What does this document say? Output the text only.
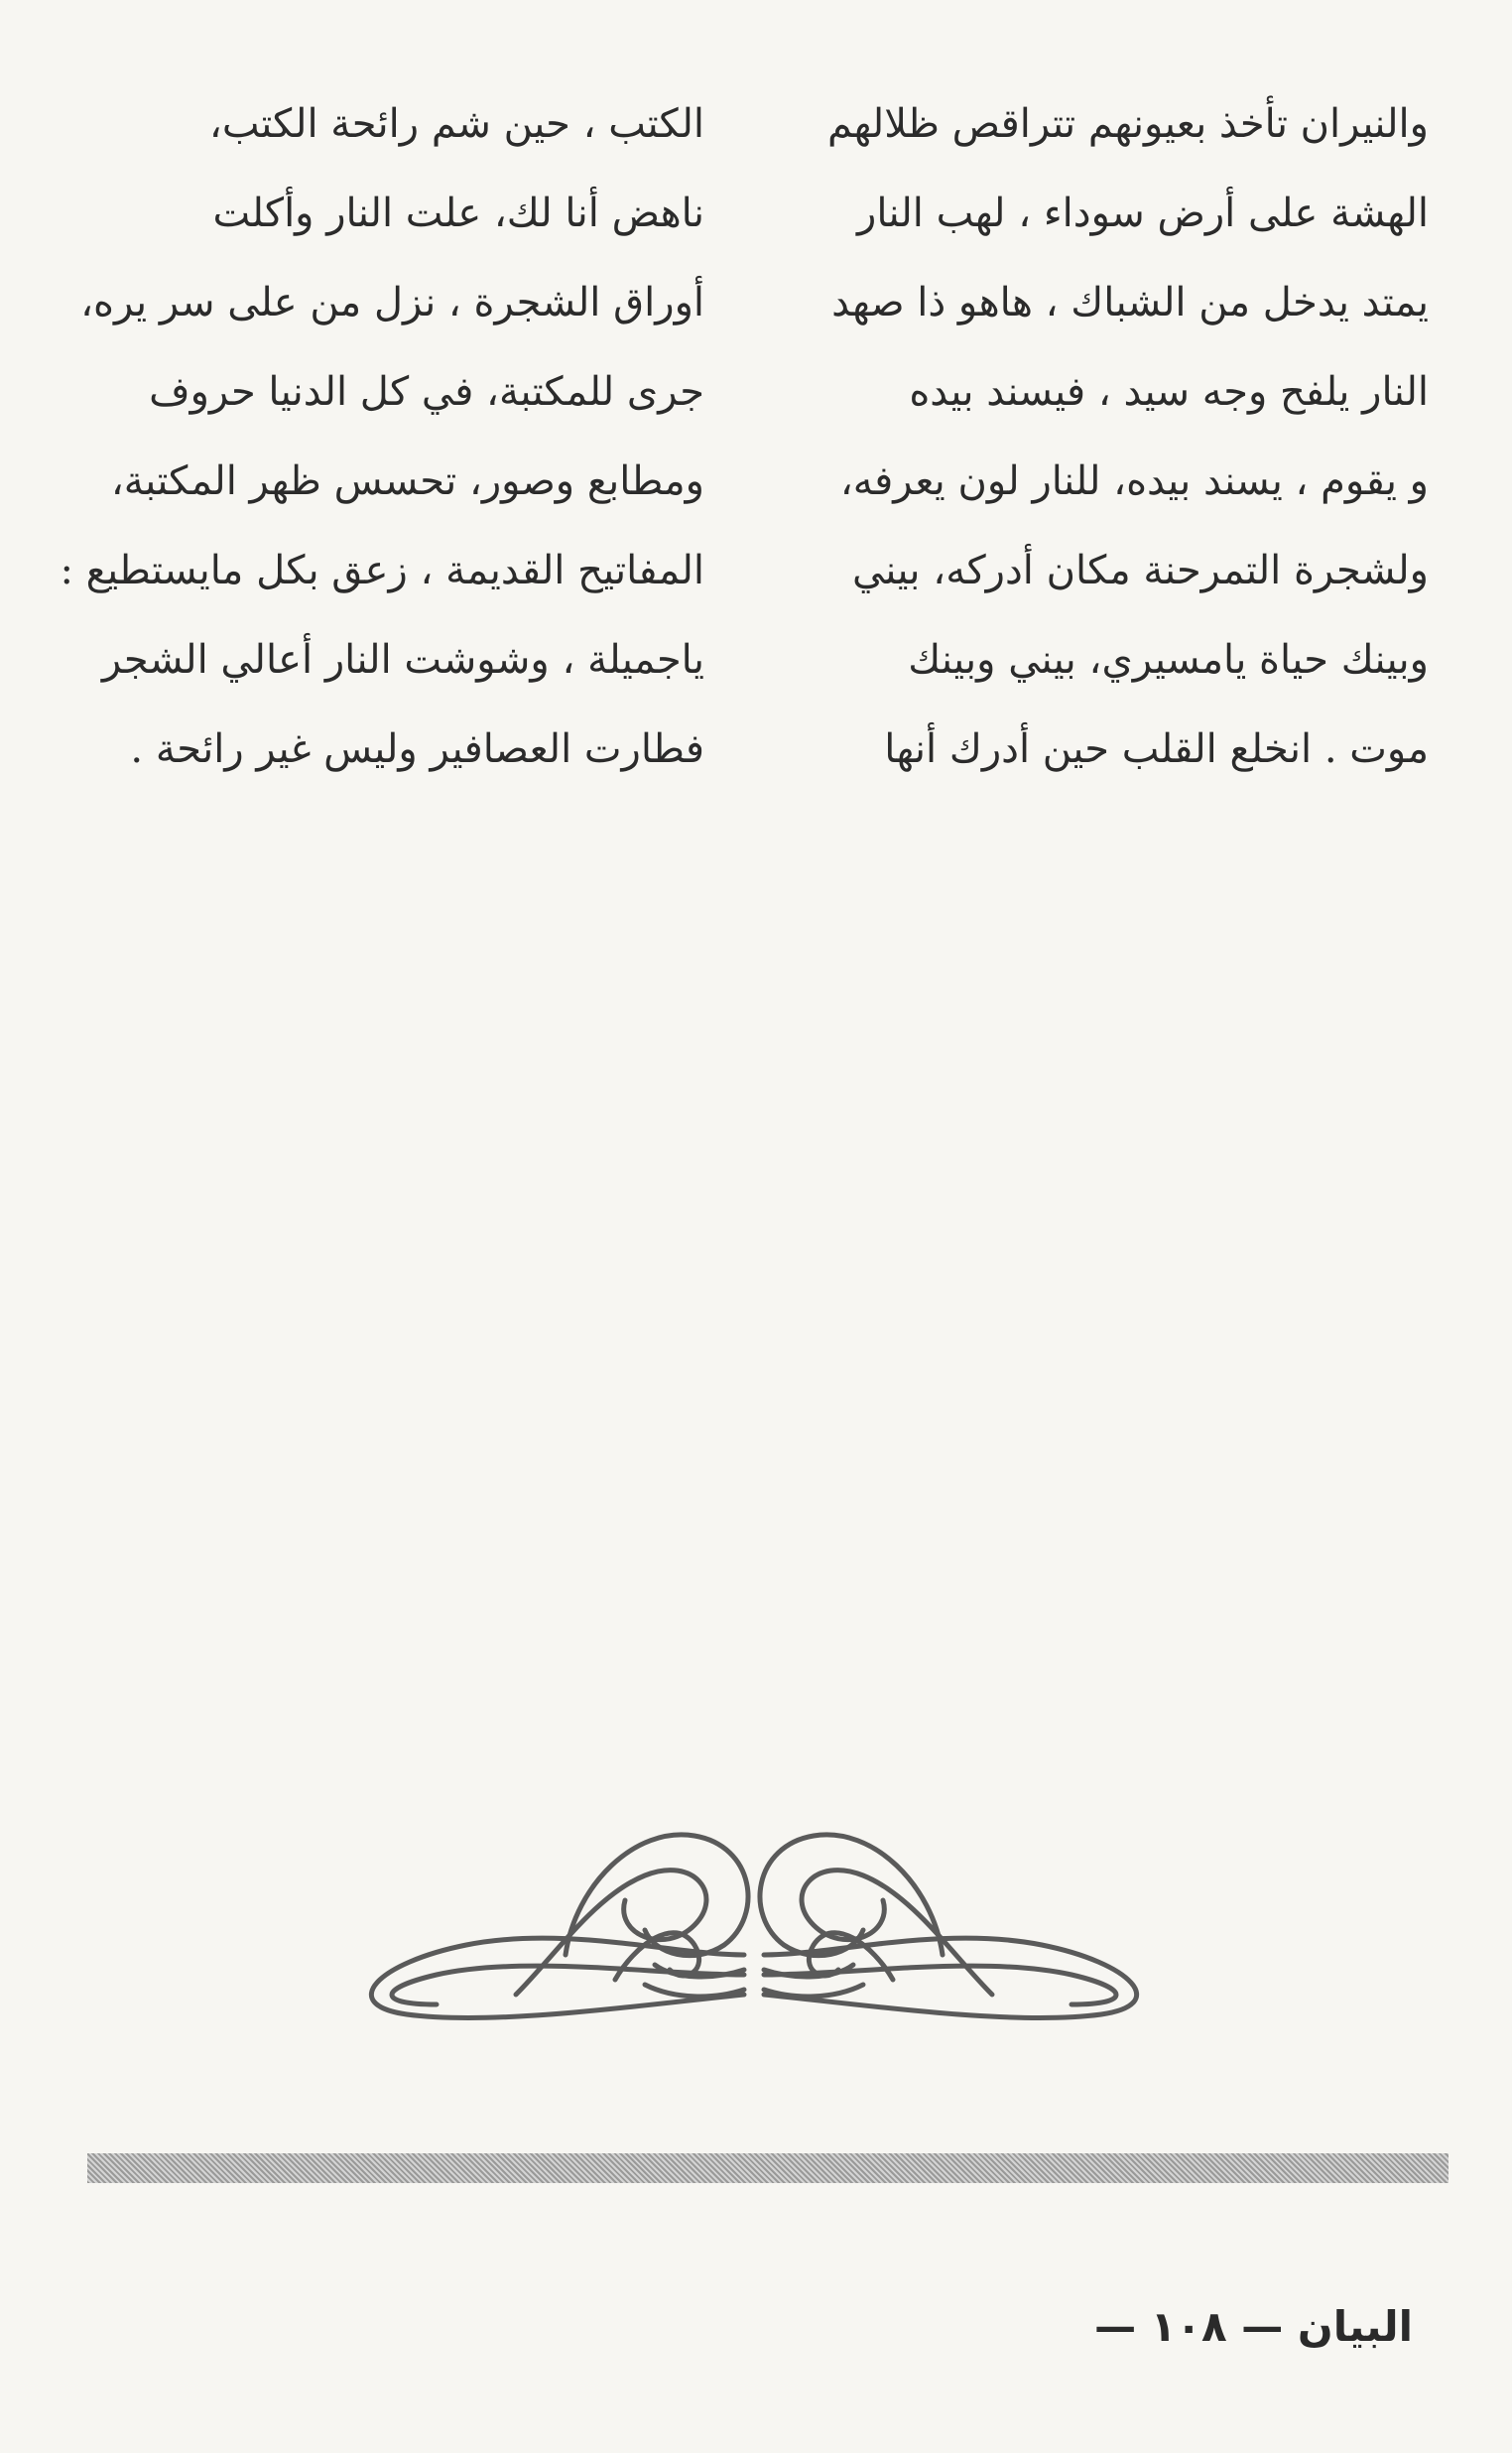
والنيران تأخذ بعيونهم تتراقص ظلالهم
الهشة على أرض سوداء ، لهب النار
يمتد يدخل من الشباك ، هاهو ذا صهد
النار يلفح وجه سيد ، فيسند بيده
و يقوم ، يسند بيده، للنار لون يعرفه،
ولشجرة التمرحنة مكان أدركه، بيني
وبينك حياة يامسيري، بيني وبينك
موت . انخلع القلب حين أدرك أنها
الكتب ، حين شم رائحة الكتب،
ناهض أنا لك، علت النار وأكلت
أوراق الشجرة ، نزل من على سر يره،
جرى للمكتبة، في كل الدنيا حروف
ومطابع وصور، تحسس ظهر المكتبة،
المفاتيح القديمة ، زعق بكل مايستطيع :
ياجميلة ، وشوشت النار أعالي الشجر
فطارت العصافير وليس غير رائحة .
البيان — ١٠٨ —
